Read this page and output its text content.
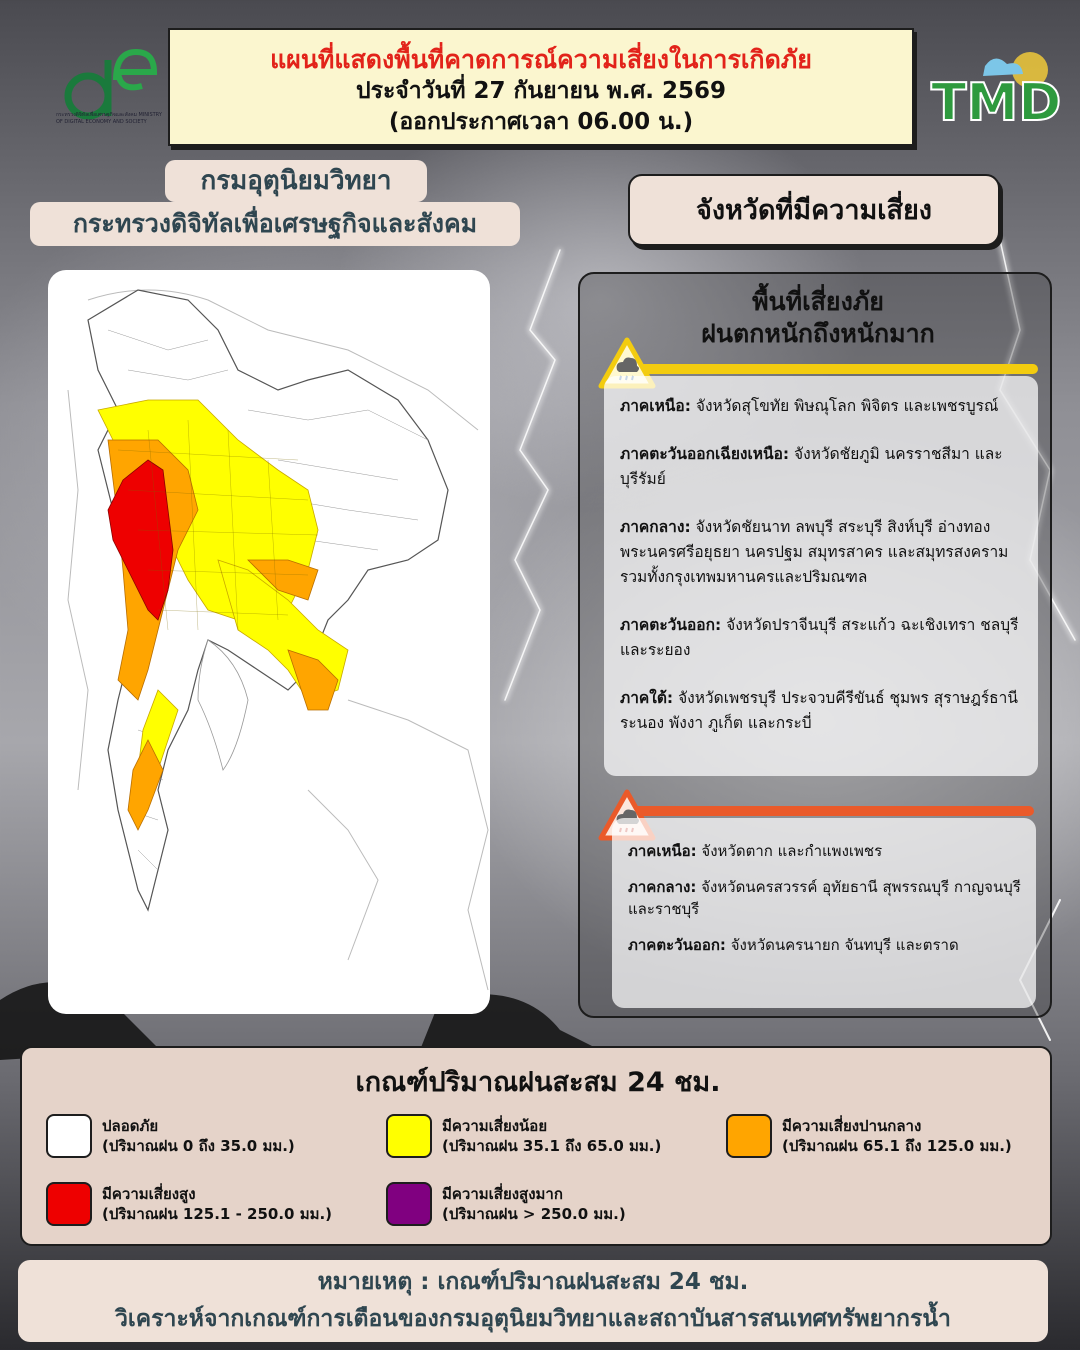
แผนที่แสดงพื้นที่คาดการณ์ความเสี่ยงในการเกิดภัย
ประจำวันที่ 27 กันยายน พ.ศ. 2569
(ออกประกาศเวลา 06.00 น.)
กระทรวงดิจิทัลเพื่อเศรษฐกิจและสังคม MINISTRY OF DIGITAL ECONOMY AND SOCIETY	TMD
กระทรวงดิจิทัลเพื่อเศรษฐกิจและสังคม
กรมอุตุนิยมวิทยา
จังหวัดที่มีความเสี่ยง
พื้นที่เสี่ยงภัย
ฝนตกหนักถึงหนักมาก
ภาคเหนือ: จังหวัดสุโขทัย พิษณุโลก พิจิตร และเพชรบูรณ์
ภาคตะวันออกเฉียงเหนือ: จังหวัดชัยภูมิ นครราชสีมา และบุรีรัมย์
ภาคกลาง: จังหวัดชัยนาท ลพบุรี สระบุรี สิงห์บุรี อ่างทอง พระนครศรีอยุธยา นครปฐม สมุทรสาคร และสมุทรสงคราม รวมทั้งกรุงเทพมหานครและปริมณฑล
ภาคตะวันออก: จังหวัดปราจีนบุรี สระแก้ว ฉะเชิงเทรา ชลบุรี และระยอง
ภาคใต้: จังหวัดเพชรบุรี ประจวบคีรีขันธ์ ชุมพร สุราษฎร์ธานี ระนอง พังงา ภูเก็ต และกระบี่
ภาคเหนือ: จังหวัดตาก และกำแพงเพชร
ภาคกลาง: จังหวัดนครสวรรค์ อุทัยธานี สุพรรณบุรี กาญจนบุรี และราชบุรี
ภาคตะวันออก: จังหวัดนครนายก จันทบุรี และตราด
เกณฑ์ปริมาณฝนสะสม 24 ชม.
ปลอดภัย
(ปริมาณฝน 0 ถึง 35.0 มม.)
มีความเสี่ยงน้อย
(ปริมาณฝน 35.1 ถึง 65.0 มม.)
มีความเสี่ยงปานกลาง
(ปริมาณฝน 65.1 ถึง 125.0 มม.)
มีความเสี่ยงสูง
(ปริมาณฝน 125.1 - 250.0 มม.)
มีความเสี่ยงสูงมาก
(ปริมาณฝน > 250.0 มม.)
หมายเหตุ : เกณฑ์ปริมาณฝนสะสม 24 ชม.
วิเคราะห์จากเกณฑ์การเตือนของกรมอุตุนิยมวิทยาและสถาบันสารสนเทศทรัพยากรน้ำ
